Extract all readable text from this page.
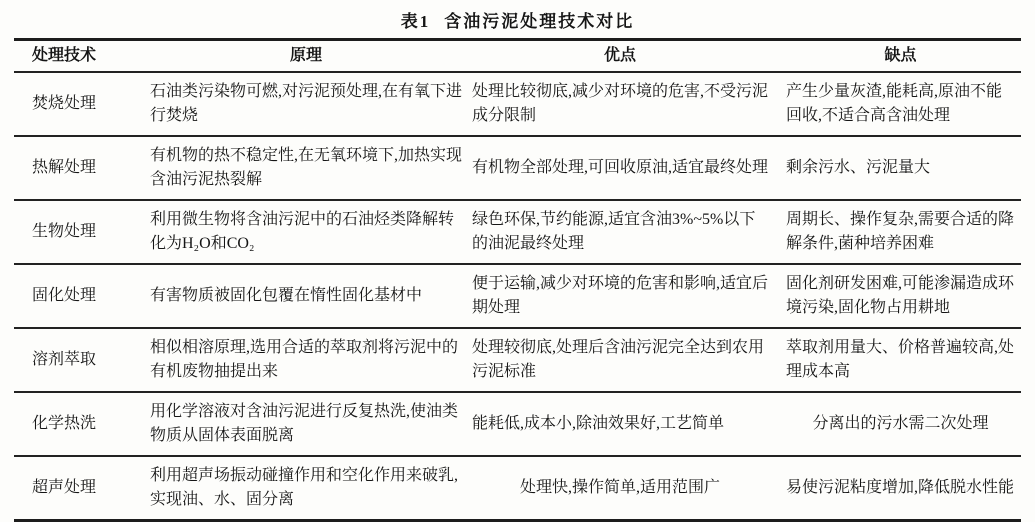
表1 含油污泥处理技术对比
处理技术	原理	优点	缺点
焚烧处理	石油类污染物可燃,对污泥预处理,在有氧下进行焚烧	处理比较彻底,减少对环境的危害,不受污泥成分限制	产生少量灰渣,能耗高,原油不能回收,不适合高含油处理
热解处理	有机物的热不稳定性,在无氧环境下,加热实现含油污泥热裂解	有机物全部处理,可回收原油,适宜最终处理	剩余污水、污泥量大
生物处理	利用微生物将含油污泥中的石油烃类降解转化为H₂O和CO₂	绿色环保,节约能源,适宜含油3%~5%以下的油泥最终处理	周期长、操作复杂,需要合适的降解条件,菌种培养困难
固化处理	有害物质被固化包覆在惰性固化基材中	便于运输,减少对环境的危害和影响,适宜后期处理	固化剂研发困难,可能渗漏造成环境污染,固化物占用耕地
溶剂萃取	相似相溶原理,选用合适的萃取剂将污泥中的有机废物抽提出来	处理较彻底,处理后含油污泥完全达到农用污泥标准	萃取剂用量大、价格普遍较高,处理成本高
化学热洗	用化学溶液对含油污泥进行反复热洗,使油类物质从固体表面脱离	能耗低,成本小,除油效果好,工艺简单	分离出的污水需二次处理
超声处理	利用超声场振动碰撞作用和空化作用来破乳,实现油、水、固分离	处理快,操作简单,适用范围广	易使污泥粘度增加,降低脱水性能
